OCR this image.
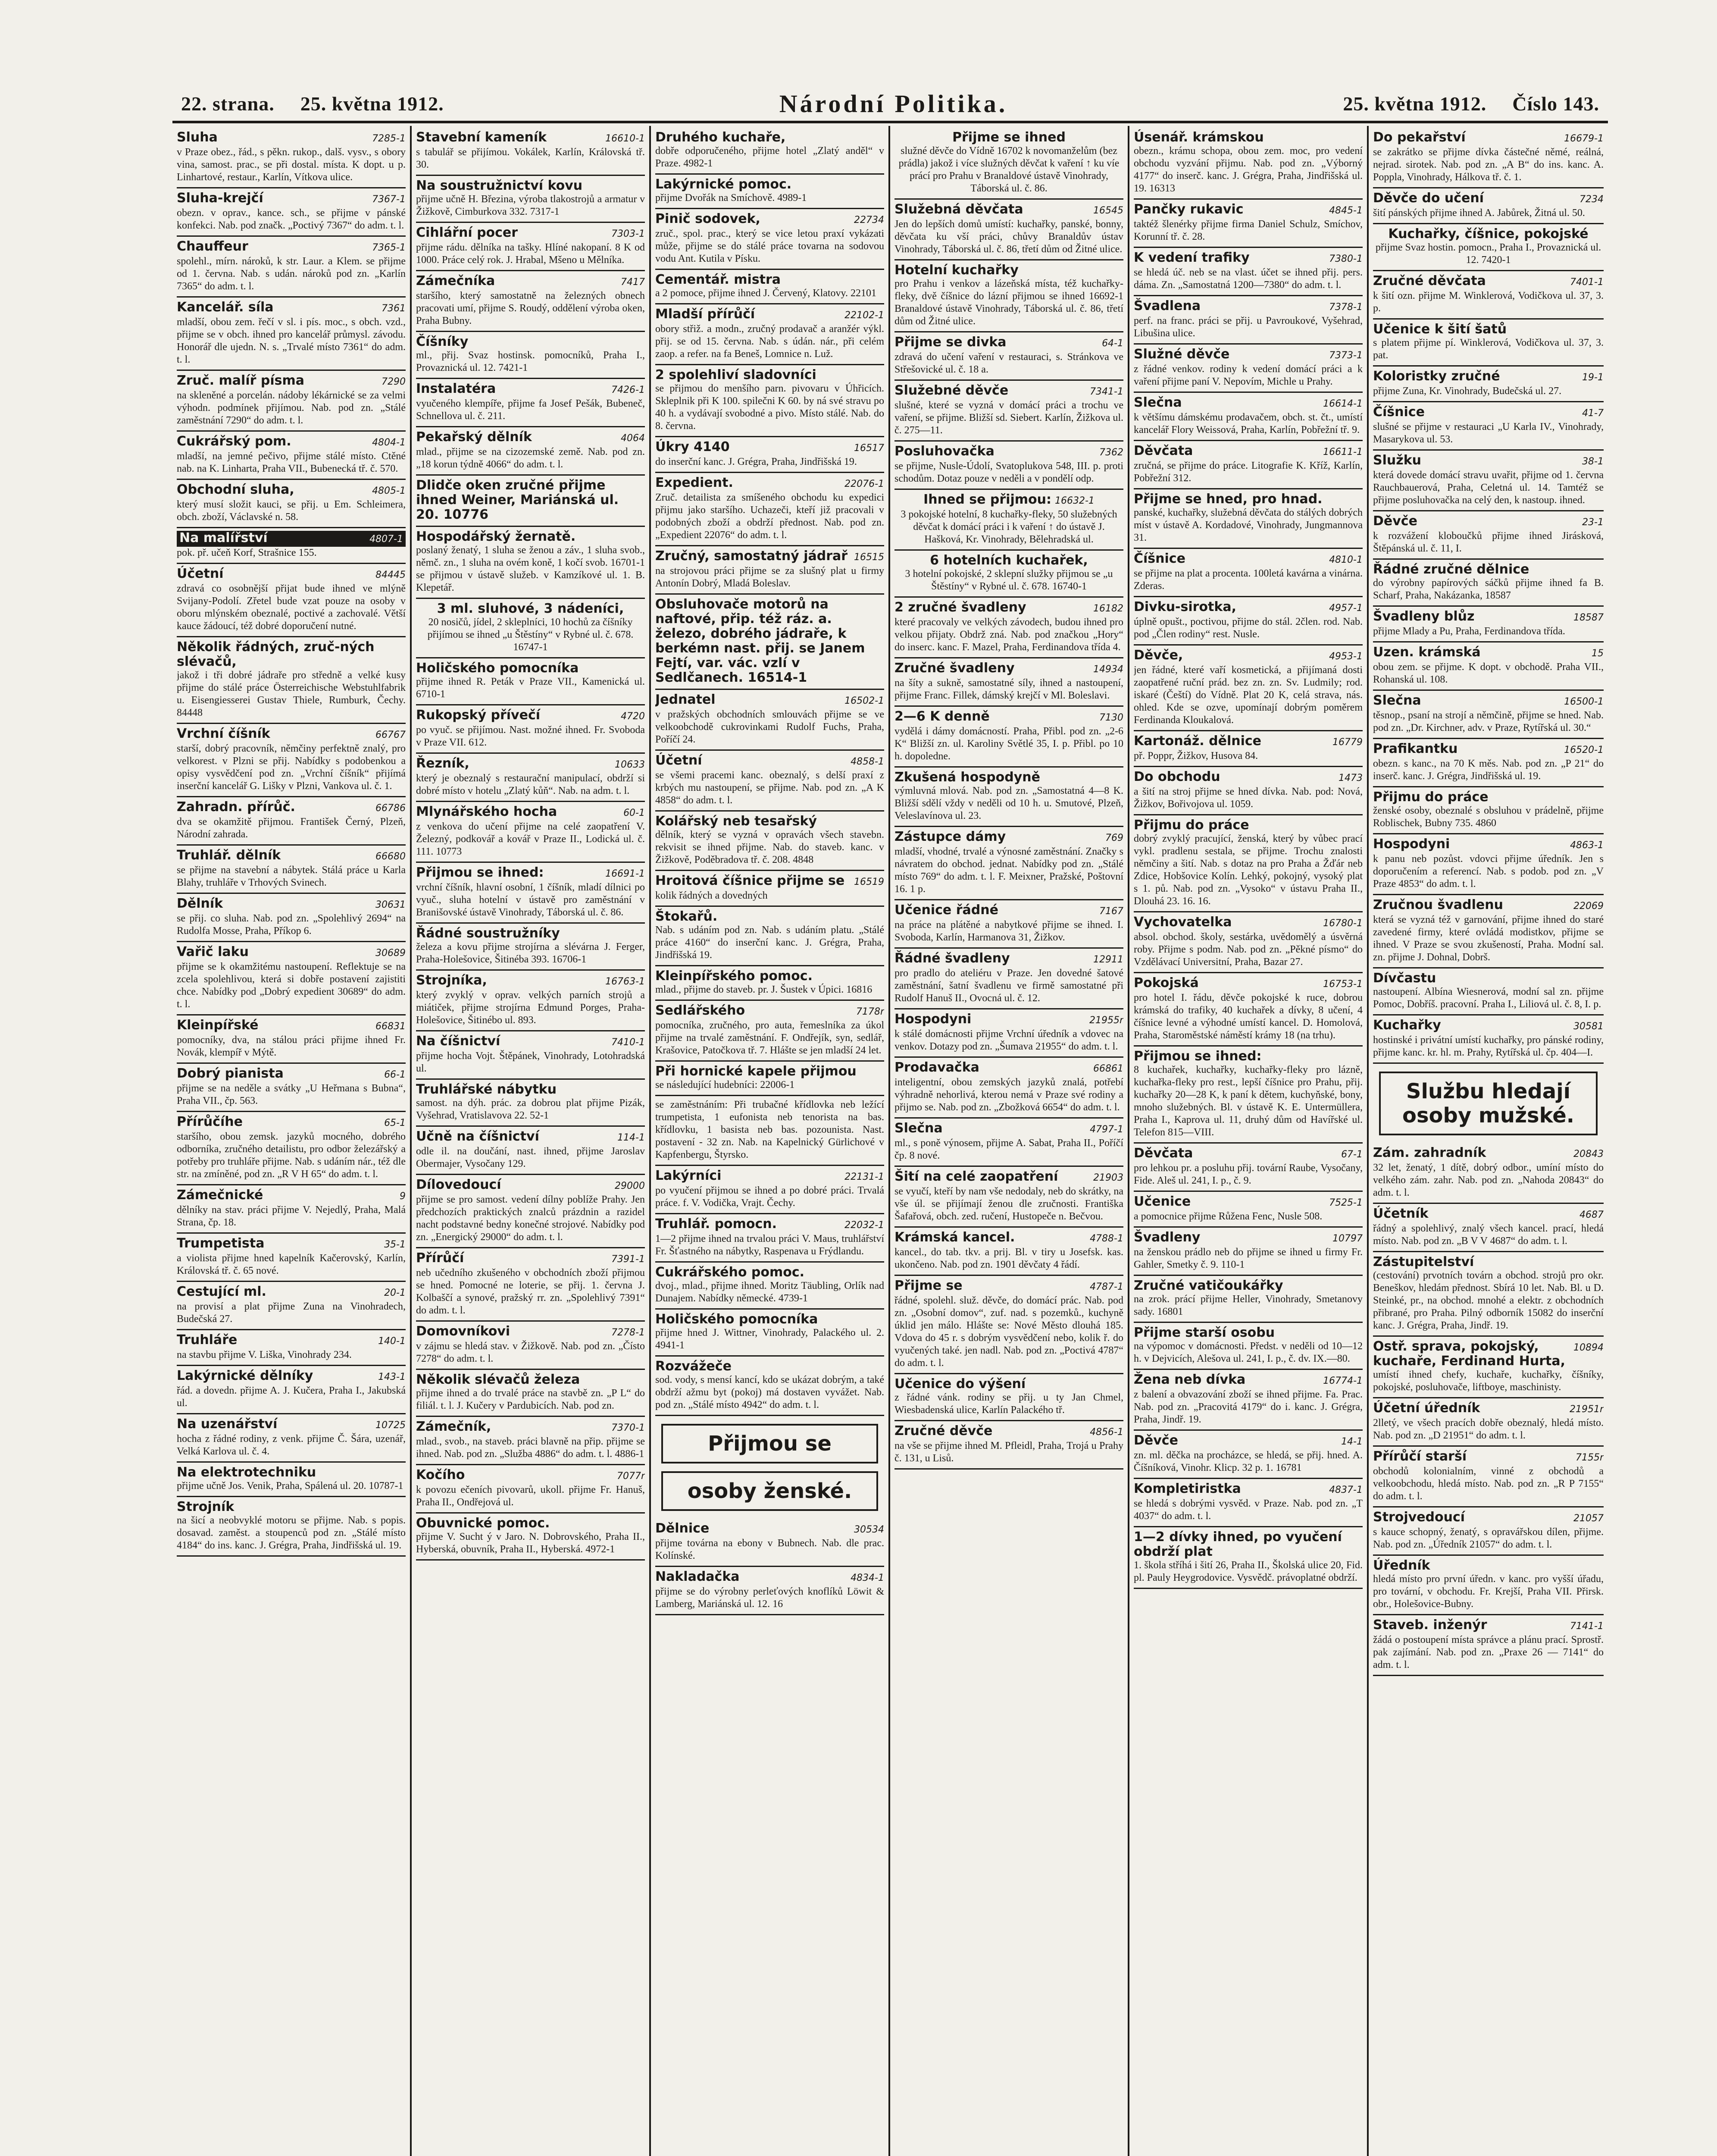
22. strana. 25. května 1912.	Národní Politika.	25. května 1912. Číslo 143.
Sluha	7285-1
v Praze obez., řád., s pěkn. rukop., dalš. vysv., s obory vina, samost. prac., se při dostal. místa. K dopt. u p. Linhartové, restaur., Karlín, Vítkova ulice.
Sluha-krejčí	7367-1
obezn. v oprav., kance. sch., se přijme v pánské konfekci. Nab. pod značk. „Poctivý 7367“ do adm. t. l.
Chauffeur	7365-1
spolehl., mírn. nároků, k str. Laur. a Klem. se přijme od 1. června. Nab. s udán. nároků pod zn. „Karlín 7365“ do adm. t. l.
Kancelář. síla	7361
mladší, obou zem. řečí v sl. i pís. moc., s obch. vzd., přijme se v obch. ihned pro kancelář průmysl. závodu. Honorář dle ujedn. N. s. „Trvalé místo 7361“ do adm. t. l.
Zruč. malíř písma	7290
na skleněné a porcelán. nádoby lékárnické se za velmi výhodn. podmínek přijímou. Nab. pod zn. „Stálé zaměstnání 7290“ do adm. t. l.
Cukrářský pom.	4804-1
mladší, na jemné pečivo, přijme stálé místo. Ctěné nab. na K. Linharta, Praha VII., Bubenecká tř. č. 570.
Obchodní sluha,	4805-1
který musí složit kauci, se přij. u Em. Schleimera, obch. zboží, Václavské n. 58.
Na malířství	4807-1
pok. př. učeň Korf, Strašnice 155.
Účetní	84445
zdravá co osobnější přijat bude ihned ve mlýně Svijany-Podolí. Zřetel bude vzat pouze na osoby v oboru mlýnském obeznalé, poctivé a zachovalé. Větší kauce žádoucí, též dobré doporučení nutné.
Několik řádných, zruč-ných slévačů,
jakož i tři dobré jádraře pro středně a velké kusy přijme do stálé práce Österreichische Webstuhlfabrik u. Eisengiesserei Gustav Thiele, Rumburk, Čechy. 84448
Vrchní číšník	66767
starší, dobrý pracovník, němčiny perfektně znalý, pro velkorest. v Plzni se přij. Nabídky s podobenkou a opisy vysvědčení pod zn. „Vrchní číšník“ přijímá inserční kancelář G. Lišky v Plzni, Vankova ul. č. 1.
Zahradn. přírůč.	66786
dva se okamžitě přijmou. František Černý, Plzeň, Národní zahrada.
Truhlář. dělník	66680
se přijme na stavební a nábytek. Stálá práce u Karla Blahy, truhláře v Trhových Svinech.
Dělník	30631
se přij. co sluha. Nab. pod zn. „Spolehlivý 2694“ na Rudolfa Mosse, Praha, Příkop 6.
Vařič laku	30689
přijme se k okamžitému nastoupení. Reflektuje se na zcela spolehlivou, která si dobře postavení zajistiti chce. Nabídky pod „Dobrý expedient 30689“ do adm. t. l.
Kleinpířské	66831
pomocníky, dva, na stálou práci přijme ihned Fr. Novák, klempíř v Mýtě.
Dobrý pianista	66-1
přijme se na neděle a svátky „U Heřmana s Bubna“, Praha VII., čp. 563.
Přírůčíhe	65-1
staršího, obou zemsk. jazyků mocného, dobrého odborníka, zručného detailistu, pro odbor železářský a potřeby pro truhláře přijme. Nab. s udáním nár., též dle str. na zmíněné, pod zn. „R V H 65“ do adm. t. l.
Zámečnické	9
dělníky na stav. práci přijme V. Nejedlý, Praha, Malá Strana, čp. 18.
Trumpetista	35-1
a violista přijme hned kapelník Kačerovský, Karlín, Královská tř. č. 65 nové.
Cestující ml.	20-1
na provisí a plat přijme Zuna na Vinohradech, Budečská 27.
Truhláře	140-1
na stavbu přijme V. Liška, Vinohrady 234.
Lakýrnické dělníky	143-1
řád. a dovedn. přijme A. J. Kučera, Praha I., Jakubská ul.
Na uzenářství	10725
hocha z řádné rodiny, z venk. přijme Č. Šára, uzenář, Velká Karlova ul. č. 4.
Na elektrotechniku
přijme učně Jos. Venik, Praha, Spálená ul. 20. 10787-1
Strojník
na šicí a neobvyklé motoru se přijme. Nab. s popis. dosavad. zaměst. a stoupenců pod zn. „Stálé místo 4184“ do ins. kanc. J. Grégra, Praha, Jindřišská ul. 19.
Stavební kameník	16610-1
s tabulář se přijímou. Vokálek, Karlín, Královská tř. 30.
Na soustružnictví kovu
přijme učně H. Březina, výroba tlakostrojů a armatur v Žižkově, Cimburkova 332. 7317-1
Cihlářní pocer	7303-1
přijme rádu. dělníka na tašky. Hlíné nakopaní. 8 K od 1000. Práce celý rok. J. Hrabal, Mšeno u Mělníka.
Zámečníka	7417
staršího, který samostatně na železných obnech pracovati umí, přijme S. Roudý, oddělení výroba oken, Praha Bubny.
Číšníky
ml., přij. Svaz hostinsk. pomocníků, Praha I., Provaznická ul. 12. 7421-1
Instalatéra	7426-1
vyučeného klempíře, přijme fa Josef Pešák, Bubeneč, Schnellova ul. č. 211.
Pekařský dělník	4064
mlad., přijme se na cizozemské země. Nab. pod zn. „18 korun týdně 4066“ do adm. t. l.
Dlidče oken zručné přijme ihned Weiner, Mariánská ul. 20. 10776
Hospodářský žernatě.
poslaný ženatý, 1 sluha se ženou a záv., 1 sluha svob., němč. zn., 1 sluha na ovém koně, 1 kočí svob. 16701-1 se přijmou v ústavě služeb. v Kamzíkové ul. 1. B. Klepetář.
3 ml. sluhové, 3 nádeníci,
20 nosičů, jídel, 2 skleplníci, 10 hochů za číšníky přijímou se ihned „u Štěstíny“ v Rybné ul. č. 678. 16747-1
Holičského pomocníka
přijme ihned R. Peták v Praze VII., Kamenická ul. 6710-1
Rukopský přívečí	4720
po vyuč. se přijímou. Nast. možné ihned. Fr. Svoboda v Praze VII. 612.
Řezník,	10633
který je obeznalý s restaurační manipulací, obdrží si dobré místo v hotelu „Zlatý kůň“. Nab. na adm. t. l.
Mlynářského hocha	60-1
z venkova do učení přijme na celé zaopatření V. Železný, podkovář a kovář v Praze II., Lodická ul. č. 111. 10773
Přijmou se ihned:	16691-1
vrchní číšník, hlavní osobní, 1 číšník, mladí dílnici po vyuč., sluha hotelní v ústavě pro zaměstnání v Branišovské ústavě Vinohrady, Táborská ul. č. 86.
Řádné soustružníky
železa a kovu přijme strojírna a slévárna J. Ferger, Praha-Holešovice, Šitinéba 393. 16706-1
Strojníka,	16763-1
který zvyklý v oprav. velkých parních strojů a miátiček, přijme strojírna Edmund Porges, Praha-Holešovice, Šitinébo ul. 893.
Na číšnictví	7410-1
přijme hocha Vojt. Štěpánek, Vinohrady, Lotohradská ul.
Truhlářské nábytku
samost. na dýh. prác. za dobrou plat přijme Pizák, Vyšehrad, Vratislavova 22. 52-1
Učně na číšnictví	114-1
odle il. na doučání, nast. ihned, přijme Jaroslav Obermajer, Vysočany 129.
Dílovedoucí	29000
přijme se pro samost. vedení dílny poblíže Prahy. Jen předchozích praktických znalců prázdnin a razidel nacht podstavné bedny konečné strojové. Nabídky pod zn. „Energický 29000“ do adm. t. l.
Přírůčí	7391-1
neb učedního zkušeného v obchodních zboží přijmou se hned. Pomocné ne loterie, se přij. 1. června J. Kolbaščí a synové, pražský rr. zn. „Spolehlivý 7391“ do adm. t. l.
Domovníkovi	7278-1
v zájmu se hledá stav. v Žižkově. Nab. pod zn. „Čísto 7278“ do adm. t. l.
Několik slévačů železa
přijme ihned a do trvalé práce na stavbě zn. „P L“ do filiál. t. l. J. Kučery v Pardubicích. Nab. pod zn.
Zámečník,	7370-1
mlad., svob., na staveb. práci blavně na přip. přijme se ihned. Nab. pod zn. „Služba 4886“ do adm. t. l. 4886-1
Kočího	7077r
k povozu ečeních pivovarů, ukoll. přijme Fr. Hanuš, Praha II., Ondřejová ul.
Obuvnické pomoc.
přijme V. Sucht ý v Jaro. N. Dobrovského, Praha II., Hyberská, obuvník, Praha II., Hyberská. 4972-1
Druhého kuchaře,
dobře odporučeného, přijme hotel „Zlatý anděl“ v Praze. 4982-1
Lakýrnické pomoc.
přijme Dvořák na Smíchově. 4989-1
Pinič sodovek,	22734
zruč., spol. prac., který se vice letou praxí vykázati může, přijme se do stálé práce tovarna na sodovou vodu Ant. Kutila v Písku.
Cementář. mistra
a 2 pomoce, přijme ihned J. Červený, Klatovy. 22101
Mladší přírůčí	22102-1
obory střiž. a modn., zručný prodavač a aranžér výkl. přij. se od 15. června. Nab. s údán. nár., při celém zaop. a refer. na fa Beneš, Lomnice n. Luž.
2 spolehliví sladovníci
se přijmou do menšího parn. pivovaru v Úhřicích. Skleplnik při K 100. spilečni K 60. by ná své stravu po 40 h. a vydávají svobodné a pivo. Místo stálé. Nab. do 8. června.
Úkry 4140	16517
do inserční kanc. J. Grégra, Praha, Jindřišská 19.
Expedient.	22076-1
Zruč. detailista za smíšeného obchodu ku expedici přijmu jako staršího. Uchazeči, kteří již pracovali v podobných zboží a obdrží přednost. Nab. pod zn. „Expedient 22076“ do adm. t. l.
Zručný, samostatný jádrař 16515
na strojovou práci přijme se za slušný plat u firmy Antonín Dobrý, Mladá Boleslav.
Obsluhovače motorů na naftové, přip. též ráz. a. železo, dobrého jádraře, k berkémn nast. přij. se Janem Fejtí, var. vác. vzlí v Sedlčanech. 16514-1
Jednatel	16502-1
v pražských obchodních smlouvách přijme se ve velkoobchodě cukrovinkami Rudolf Fuchs, Praha, Poříčí 24.
Účetní	4858-1
se všemi pracemi kanc. obeznalý, s delší praxí z krbých mu nastoupení, se přijme. Nab. pod zn. „A K 4858“ do adm. t. l.
Kolářský neb tesařský
dělník, který se vyzná v opravách všech stavebn. rekvisit se ihned přijme. Nab. do staveb. kanc. v Žižkově, Poděbradova tř. č. 208. 4848
Hroitová číšnice přijme se 16519
kolik řádných a dovedných
Štokařů.
Nab. s udáním pod zn. Nab. s udáním platu. „Stálé práce 4160“ do inserční kanc. J. Grégra, Praha, Jindřišská 19.
Kleinpířského pomoc.
mlad., přijme do staveb. pr. J. Šustek v Úpici. 16816
Sedlářského	7178r
pomocníka, zručného, pro auta, řemeslníka za úkol přijme na trvalé zaměstnání. F. Ondřejík, syn, sedlář, Krašovice, Patočkova tř. 7. Hlášte se jen mladší 24 let.
Při hornické kapele přijmou
se následující hudebníci: 22006-1
se zaměstnáním: Při trubačné křídlovka neb ležící trumpetista, 1 eufonista neb tenorista na bas. křídlovku, 1 basista neb bas. pozounista. Nast. postavení - 32 zn. Nab. na Kapelnický Gürlichové v Kapfenbergu, Štyrsko.
Lakýrníci	22131-1
po vyučení přijmou se ihned a po dobré práci. Trvalá práce. f. V. Vodička, Vrajt. Čechy.
Truhlář. pomocn.	22032-1
1—2 přijme ihned na trvalou práci V. Maus, truhlářství Fr. Šťastného na nábytky, Raspenava u Frýdlandu.
Cukrářského pomoc.
dvoj., mlad., přijme ihned. Moritz Täubling, Orlík nad Dunajem. Nabídky německé. 4739-1
Holičského pomocníka
přijme hned J. Wittner, Vinohrady, Palackého ul. 2. 4941-1
Rozvážeče
sod. vody, s mensí kancí, kdo se ukázat dobrým, a také obdrží ažmu byt (pokoj) má dostaven vyvážet. Nab. pod zn. „Stálé místo 4942“ do adm. t. l.
Přijmou se
osoby ženské.
Dělnice	30534
přijme továrna na ebony v Bubnech. Nab. dle prac. Kolínské.
Nakladačka	4834-1
přijme se do výrobny perleťových knoflíků Löwit & Lamberg, Mariánská ul. 12. 16
Přijme se ihned
služné děvče do Vídně 16702 k novomanželům (bez prádla) jakož i více služných děvčat k vaření ↑ ku víe prácí pro Prahu v Branaldové ústavě Vinohrady, Táborská ul. č. 86.
Služebná děvčata	16545
Jen do lepších domů umístí: kuchařky, panské, bonny, děvčata ku vší práci, chůvy Branaldův ústav Vinohrady, Táborská ul. č. 86, třetí dům od Žitné ulice.
Hotelní kuchařky
pro Prahu i venkov a lázeňská místa, též kuchařky-fleky, dvě číšnice do lázní přijmou se ihned 16692-1 Branaldové ústavě Vinohrady, Táborská ul. č. 86, třetí dům od Žitné ulice.
Přijme se divka	64-1
zdravá do učení vaření v restauraci, s. Stránkova ve Střešovické ul. č. 18 a.
Služebné děvče	7341-1
slušné, které se vyzná v domácí práci a trochu ve vaření, se přijme. Bližší sd. Siebert. Karlín, Žižkova ul. č. 275—11.
Posluhovačka	7362
se přijme, Nusle-Údolí, Svatoplukova 548, III. p. proti schodům. Dotaz pouze v neděli a v pondělí odp.
Ihned se přijmou: 16632-1
3 pokojské hotelní, 8 kuchařky-fleky, 50 služebných děvčat k domácí práci i k vaření ↑ do ústavě J. Hašková, Kr. Vinohrady, Bělehradská ul.
6 hotelních kuchařek,
3 hotelní pokojské, 2 sklepní služky přijmou se „u Štěstíny“ v Rybné ul. č. 678. 16740-1
2 zručné švadleny	16182
které pracovaly ve velkých závodech, budou ihned pro velkou přijaty. Obdrž zná. Nab. pod značkou „Hory“ do inserc. kanc. F. Mazel, Praha, Ferdinandova třída 4.
Zručné švadleny	14934
na šíty a sukně, samostatné síly, ihned a nastoupení, přijme Franc. Fillek, dámský krejčí v Ml. Boleslavi.
2—6 K denně	7130
vydělá i dámy domácností. Praha, Přibl. pod zn. „2-6 K“ Bližší zn. ul. Karoliny Světlé 35, I. p. Přibl. po 10 h. dopoledne.
Zkušená hospodyně
výmluvná mlová. Nab. pod zn. „Samostatná 4—8 K. Bližší sdělí vždy v neděli od 10 h. u. Smutové, Plzeň, Veleslavínova ul. 23.
Zástupce dámy	769
mladší, vhodné, trvalé a výnosné zaměstnání. Značky s návratem do obchod. jednat. Nabídky pod zn. „Stálé místo 769“ do adm. t. l. F. Meixner, Pražské, Poštovní 16. 1 p.
Učenice řádné	7167
na práce na plátěné a nabytkové přijme se ihned. I. Svoboda, Karlín, Harmanova 31, Žižkov.
Řádné švadleny	12911
pro pradlo do ateliéru v Praze. Jen dovedné šatové zaměstnání, šatní švadlenu ve firmě samostatné při Rudolf Hanuš II., Ovocná ul. č. 12.
Hospodyni	21955r
k stálé domácnosti přijme Vrchní úředník a vdovec na venkov. Dotazy pod zn. „Šumava 21955“ do adm. t. l.
Prodavačka	66861
inteligentní, obou zemských jazyků znalá, potřebí výhradně nehorlivá, kterou nemá v Praze své rodiny a přijmo se. Nab. pod zn. „Zbožková 6654“ do adm. t. l.
Slečna	4797-1
ml., s poně výnosem, přijme A. Sabat, Praha II., Poříčí čp. 8 nové.
Šití na celé zaopatření	21903
se vyučí, kteří by nam vše nedodaly, neb do skrátky, na vše úl. se přijímají ženou dle zručnosti. Františka Šafařová, obch. zed. ručení, Hustopeče n. Bečvou.
Krámská kancel.	4788-1
kancel., do tab. tkv. a prij. Bl. v tiry u Josefsk. kas. ukončeno. Nab. pod zn. 1901 děvčaty 4 řádí.
Přijme se	4787-1
řádné, spolehl. služ. děvče, do domácí prác. Nab. pod zn. „Osobní domov“, zuf. nad. s pozemků., kuchyně úklid jen málo. Hlášte se: Nové Město dlouhá 185. Vdova do 45 r. s dobrým vysvědčení nebo, kolik ř. do vyučených také. jen nadl. Nab. pod zn. „Poctivá 4787“ do adm. t. l.
Učenice do výšení
z řádné vánk. rodiny se přij. u ty Jan Chmel, Wiesbadenská ulice, Karlín Palackého tř.
Zručné děvče	4856-1
na vše se přijme ihned M. Pfleidl, Praha, Trojá u Prahy č. 131, u Lisů.
Úsenář. krámskou
obezn., krámu schopa, obou zem. moc, pro vedení obchodu vyzvání přijmu. Nab. pod zn. „Výborný 4177“ do inserč. kanc. J. Grégra, Praha, Jindřišská ul. 19. 16313
Pančky rukavic	4845-1
taktéž šlenérky přijme firma Daniel Schulz, Smíchov, Korunní tř. č. 28.
K vedení trafiky	7380-1
se hledá úč. neb se na vlast. účet se ihned přij. pers. dáma. Zn. „Samostatná 1200—7380“ do adm. t. l.
Švadlena	7378-1
perf. na franc. práci se přij. u Pavroukové, Vyšehrad, Libušina ulice.
Služné děvče	7373-1
z řádné venkov. rodiny k vedení domácí práci a k vaření přijme paní V. Nepovím, Michle u Prahy.
Slečna	16614-1
k většímu dámskému prodavačem, obch. st. čt., umístí kancelář Flory Weissová, Praha, Karlín, Pobřežní tř. 9.
Děvčata	16611-1
zručná, se přijme do práce. Litografie K. Kříž, Karlín, Pobřežní 312.
Přijme se hned, pro hnad.
panské, kuchařky, služebná děvčata do stálých dobrých míst v ústavě A. Kordadové, Vinohrady, Jungmannova 31.
Číšnice	4810-1
se přijme na plat a procenta. 100letá kavárna a vinárna. Zderas.
Divku-sirotka,	4957-1
úplně opušt., poctivou, přijme do stál. 2člen. rod. Nab. pod „Člen rodiny“ rest. Nusle.
Děvče,	4953-1
jen řádné, které vaří kosmetická, a přijímaná dosti zaopatřené ruční prád. bez zn. zn. Sv. Ludmily; rod. iskaré (Čeští) do Vídně. Plat 20 K, celá strava, nás. ohled. Kde se ozve, upomínají dobrým poměrem Ferdinanda Kloukalová.
Kartonáž. dělnice	16779
př. Poppr, Žižkov, Husova 84.
Do obchodu	1473
a šití na stroj přijme se hned dívka. Nab. pod: Nová, Žižkov, Bořivojova ul. 1059.
Přijmu do práce
dobrý zvyklý pracující, ženská, který by vůbec prací vykl. pradlenu sestala, se přijme. Trochu znalosti němčiny a šití. Nab. s dotaz na pro Praha a Žďár neb Zdice, Hobšovice Kolín. Lehký, pokojný, vysoký plat s 1. pů. Nab. pod zn. „Vysoko“ v ústavu Praha II., Dlouhá 23. 16. 16.
Vychovatelka	16780-1
absol. obchod. školy, sestárka, uvědomělý a úsvěrná roby. Přijme s podm. Nab. pod zn. „Pěkné písmo“ do Vzdělávací Universitní, Praha, Bazar 27.
Pokojská	16753-1
pro hotel I. řádu, děvče pokojské k ruce, dobrou krámská do trafiky, 40 kuchařek a dívky, 8 učení, 4 číšnice levné a výhodné umístí kancel. D. Homolová, Praha, Staroměstské náměstí krámy 18 (na trhu).
Přijmou se ihned:
8 kuchařek, kuchařky, kuchařky-fleky pro lázně, kuchařka-fleky pro rest., lepší číšnice pro Prahu, přij. kuchařky 20—28 K, k paní k dětem, kuchyňské, bony, mnoho služebných. Bl. v ústavě K. E. Untermüllera, Praha I., Kaprova ul. 11, druhý dům od Havířské ul. Telefon 815—VIII.
Děvčata	67-1
pro lehkou pr. a posluhu přij. tovární Raube, Vysočany, Fide. Aleš ul. 241, I. p., č. 9.
Učenice	7525-1
a pomocnice přijme Růžena Fenc, Nusle 508.
Švadleny	10797
na ženskou prádlo neb do přijme se ihned u firmy Fr. Gahler, Smetky č. 9. 110-1
Zručné vatičoukářky
na zrok. prácí přijme Heller, Vinohrady, Smetanovy sady. 16801
Přijme starší osobu
na výpomoc v domácnosti. Předst. v neděli od 10—12 h. v Dejvicích, Alešova ul. 241, I. p., č. dv. IX.—80.
Žena neb dívka	16774-1
z balení a obvazování zboží se ihned přijme. Fa. Prac. Nab. pod zn. „Pracovitá 4179“ do i. kanc. J. Grégra, Praha, Jindř. 19.
Děvče	14-1
zn. ml. děčka na procházce, se hledá, se přij. hned. A. Číšníková, Vinohr. Klicp. 32 p. 1. 16781
Kompletiristka	4837-1
se hledá s dobrými vysvěd. v Praze. Nab. pod zn. „T 4037“ do adm. t. l.
1—2 dívky ihned, po vyučení obdrží plat
1. škola stříhá i šití 26, Praha II., Školská ulice 20, Fid. pl. Pauly Heygrodovice. Vysvědč. právoplatné obdrží.
Do pekařství	16679-1
se zakrátko se přijme dívka částečné němé, reálná, nejrad. sirotek. Nab. pod zn. „A B“ do ins. kanc. A. Poppla, Vinohrady, Hálkova tř. č. 1.
Děvče do učení	7234
šití pánských přijme ihned A. Jabůrek, Žitná ul. 50.
Kuchařky, číšnice, pokojské
přijme Svaz hostin. pomocn., Praha I., Provaznická ul. 12. 7420-1
Zručné děvčata	7401-1
k šití ozn. přijme M. Winklerová, Vodičkova ul. 37, 3. p.
Učenice k šití šatů
s platem přijme pí. Winklerová, Vodičkova ul. 37, 3. pat.
Koloristky zručné	19-1
přijme Zuna, Kr. Vinohrady, Budečská ul. 27.
Číšnice	41-7
slušné se přijme v restauraci „U Karla IV., Vinohrady, Masarykova ul. 53.
Služku	38-1
která dovede domácí stravu uvařit, přijme od 1. června Rauchbauerová, Praha, Celetná ul. 14. Tamtéž se přijme posluhovačka na celý den, k nastoup. ihned.
Děvče	23-1
k rozvážení kloboučků přijme ihned Jirásková, Štěpánská ul. č. 11, I.
Řádné zručné dělnice
do výrobny papírových sáčků přijme ihned fa B. Scharf, Praha, Nakázanka, 18587
Švadleny blůz	18587
přijme Mlady a Pu, Praha, Ferdinandova třída.
Uzen. krámská	15
obou zem. se přijme. K dopt. v obchodě. Praha VII., Rohanská ul. 108.
Slečna	16500-1
těsnop., psaní na strojí a němčině, přijme se hned. Nab. pod zn. „Dr. Kirchner, adv. v Praze, Rytířská ul. 30.“
Prafikantku	16520-1
obezn. s kanc., na 70 K měs. Nab. pod zn. „P 21“ do inserč. kanc. J. Grégra, Jindřišská ul. 19.
Přijmu do práce
ženské osoby, obeznalé s obsluhou v prádelně, přijme Roblischek, Bubny 735. 4860
Hospodyni	4863-1
k panu neb pozůst. vdovci přijme úředník. Jen s doporučením a referencí. Nab. s podob. pod zn. „V Praze 4853“ do adm. t. l.
Zručnou švadlenu	22069
která se vyzná též v garnování, přijme ihned do staré zavedené firmy, které ovládá modistkov, přijme se ihned. V Praze se svou zkušeností, Praha. Modní sal. zn. přijme J. Dohnal, Dobrš.
Dívčastu
nastoupení. Albína Wiesnerová, modní sal zn. přijme Pomoc, Dobříš. pracovní. Praha I., Liliová ul. č. 8, I. p.
Kuchařky	30581
hostinské i privátní umístí kuchařky, pro pánské rodiny, přijme kanc. kr. hl. m. Prahy, Rytířská ul. čp. 404—I.
Službu hledají osoby mužské.
Zám. zahradník	20843
32 let, ženatý, 1 dítě, dobrý odbor., umíní místo do velkého zám. zahr. Nab. pod zn. „Nahoda 20843“ do adm. t. l.
Účetník	4687
řádný a spolehlivý, znalý všech kancel. prací, hledá místo. Nab. pod zn. „B V V 4687“ do adm. t. l.
Zástupitelství
(cestování) prvotních továrn a obchod. strojů pro okr. Beneškov, hledám přednost. Sbírá 10 let. Nab. Bl. u D. Steinké, pr., na obchod. mnohé a elektr. z obchodních přibrané, pro Praha. Pilný odborník 15082 do inserční kanc. J. Grégra, Praha, Jindř. 19.
Ostř. sprava, pokojský, kuchaře, Ferdinand Hurta,
10894
umístí ihned chefy, kuchaře, kuchařky, číšníky, pokojské, posluhovače, liftboye, maschinisty.
Účetní úředník	21951r
2lletý, ve všech pracích dobře obeznalý, hledá místo. Nab. pod zn. „D 21951“ do adm. t. l.
Přírůčí starší	7155r
obchodů kolonialním, vinné z obchodů a velkoobchodu, hledá místo. Nab. pod zn. „R P 7155“ do adm. t. l.
Strojvedoucí	21057
s kauce schopný, ženatý, s opravářskou dílen, přijme. Nab. pod zn. „Úředník 21057“ do adm. t. l.
Úředník
hledá místo pro první úředn. v kanc. pro vyšší úřadu, pro tovární, v obchodu. Fr. Krejší, Praha VII. Přirsk. obr., Holešovice-Bubny.
Staveb. inženýr	7141-1
žádá o postoupení místa správce a plánu prací. Sprostř. pak zajímání. Nab. pod zn. „Praxe 26 — 7141“ do adm. t. l.
